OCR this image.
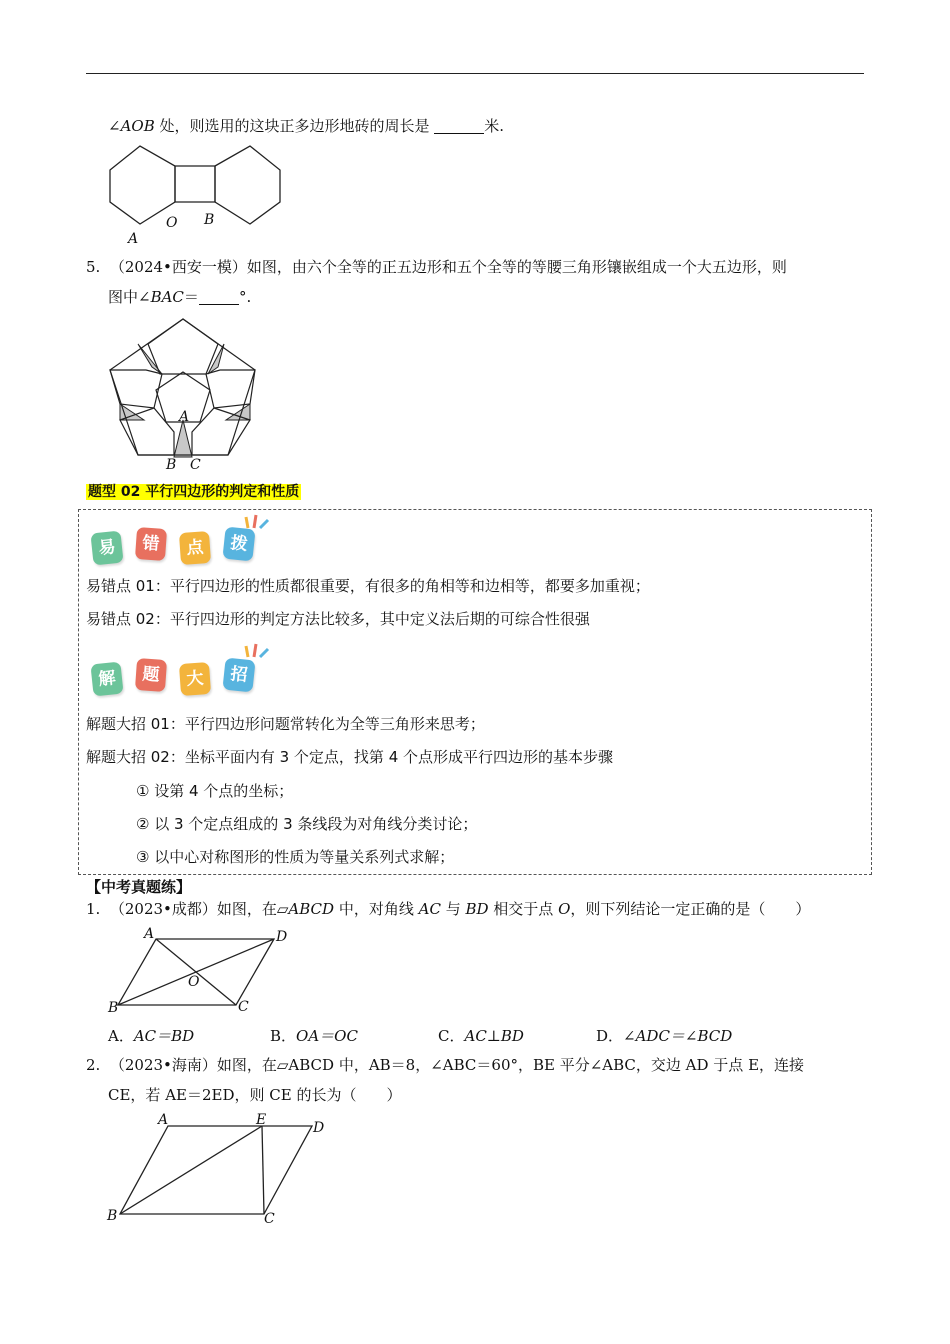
∠AOB 处，则选用的这块正多边形地砖的周长是	米.
A
O B
5. （2024•西安一模）如图，由六个全等的正五边形和五个全等的等腰三角形镶嵌组成一个大五边形，则
图中∠BAC＝	°.
A
B C
题型 02 平行四边形的判定和性质
易	错	点	拨
易错点 01：平行四边形的性质都很重要，有很多的角相等和边相等，都要多加重视；
易错点 02：平行四边形的判定方法比较多，其中定义法后期的可综合性很强
解	题	大	招
解题大招 01：平行四边形问题常转化为全等三角形来思考；
解题大招 02：坐标平面内有 3 个定点，找第 4 个点形成平行四边形的基本步骤
① 设第 4 个点的坐标；
② 以 3 个定点组成的 3 条线段为对角线分类讨论；
③ 以中心对称图形的性质为等量关系列式求解；
【中考真题练】
1. （2023•成都）如图，在▱ABCD 中，对角线 AC 与 BD 相交于点 O，则下列结论一定正确的是（　　）
A	D
O
B	C
A．AC＝BD	B．OA＝OC	C．AC⊥BD	D．∠ADC＝∠BCD
2. （2023•海南）如图，在▱ABCD 中，AB＝8，∠ABC＝60°，BE 平分∠ABC，交边 AD 于点 E，连接
CE，若 AE＝2ED，则 CE 的长为（　　）
A	E	D
B	C
